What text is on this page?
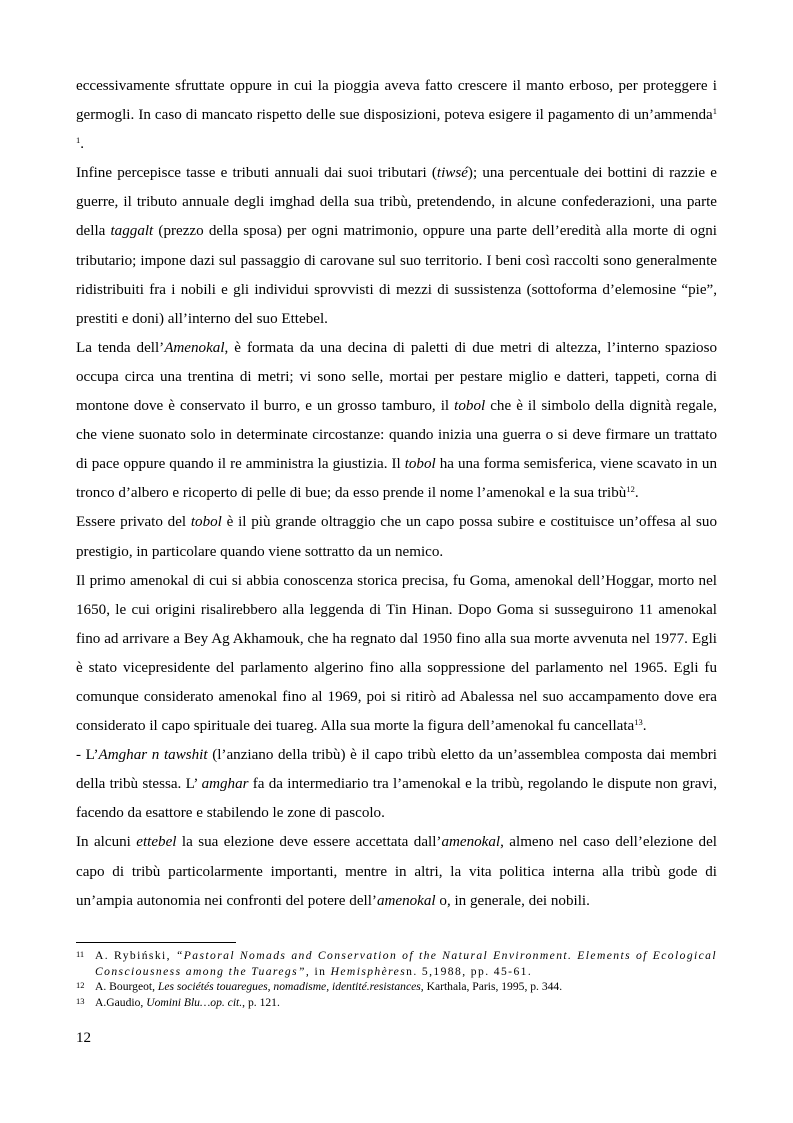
eccessivamente sfruttate oppure in cui la pioggia aveva fatto crescere il manto erboso, per proteggere i germogli. In caso di mancato rispetto delle sue disposizioni, poteva esigere il pagamento di un’ammenda$^{1 1}$.

Infine percepisce tasse e tributi annuali dai suoi tributari (tiwsé); una percentuale dei bottini di razzie e guerre, il tributo annuale degli imghad della sua tribù, pretendendo, in alcune confederazioni, una parte della taggalt (prezzo della sposa) per ogni matrimonio, oppure una parte dell’eredità alla morte di ogni tributario; impone dazi sul passaggio di carovane sul suo territorio. I beni così raccolti sono generalmente ridistribuiti fra i nobili e gli individui sprovvisti di mezzi di sussistenza (sottoforma d’elemosine “pie”, prestiti e doni) all’interno del suo Ettebel.

La tenda dell’Amenokal, è formata da una decina di paletti di due metri di altezza, l’interno spazioso occupa circa una trentina di metri; vi sono selle, mortai per pestare miglio e datteri, tappeti, corna di montone dove è conservato il burro, e un grosso tamburo, il tobol che è il simbolo della dignità regale, che viene suonato solo in determinate circostanze: quando inizia una guerra o si deve firmare un trattato di pace oppure quando il re amministra la giustizia. Il tobol ha una forma semisferica, viene scavato in un tronco d’albero e ricoperto di pelle di bue; da esso prende il nome l’amenokal e la sua tribù$^{12}$.

Essere privato del tobol è il più grande oltraggio che un capo possa subire e costituisce un’offesa al suo prestigio, in particolare quando viene sottratto da un nemico.

Il primo amenokal di cui si abbia conoscenza storica precisa, fu Goma, amenokal dell’Hoggar, morto nel 1650, le cui origini risalirebbero alla leggenda di Tin Hinan. Dopo Goma si susseguirono 11 amenokal fino ad arrivare a Bey Ag Akhamouk, che ha regnato dal 1950 fino alla sua morte avvenuta nel 1977. Egli è stato vicepresidente del parlamento algerino fino alla soppressione del parlamento nel 1965. Egli fu comunque considerato amenokal fino al 1969, poi si ritirò ad Abalessa nel suo accampamento dove era considerato il capo spirituale dei tuareg. Alla sua morte la figura dell’amenokal fu cancellata$^{13}$.

- L’Amghar n tawshit (l’anziano della tribù) è il capo tribù eletto da un’assemblea composta dai membri della tribù stessa. L’ amghar fa da intermediario tra l’amenokal e la tribù, regolando le dispute non gravi, facendo da esattore e stabilendo le zone di pascolo.

In alcuni ettebel la sua elezione deve essere accettata dall’amenokal, almeno nel caso dell’elezione del capo di tribù particolarmente importanti, mentre in altri, la vita politica interna alla tribù gode di un’ampia autonomia nei confronti del potere dell’amenokal o, in generale, dei nobili.

11 A. Rybiński, “Pastoral Nomads and Conservation of the Natural Environment. Elements of Ecological Consciousness among the Tuaregs”, in Hemisphèresn. 5,1988, pp. 45-61.
12 A. Bourgeot, Les sociétés touaregues, nomadisme, identité.resistances, Karthala, Paris, 1995, p. 344.
13 A.Gaudio, Uomini Blu…op. cit., p. 121.
12
